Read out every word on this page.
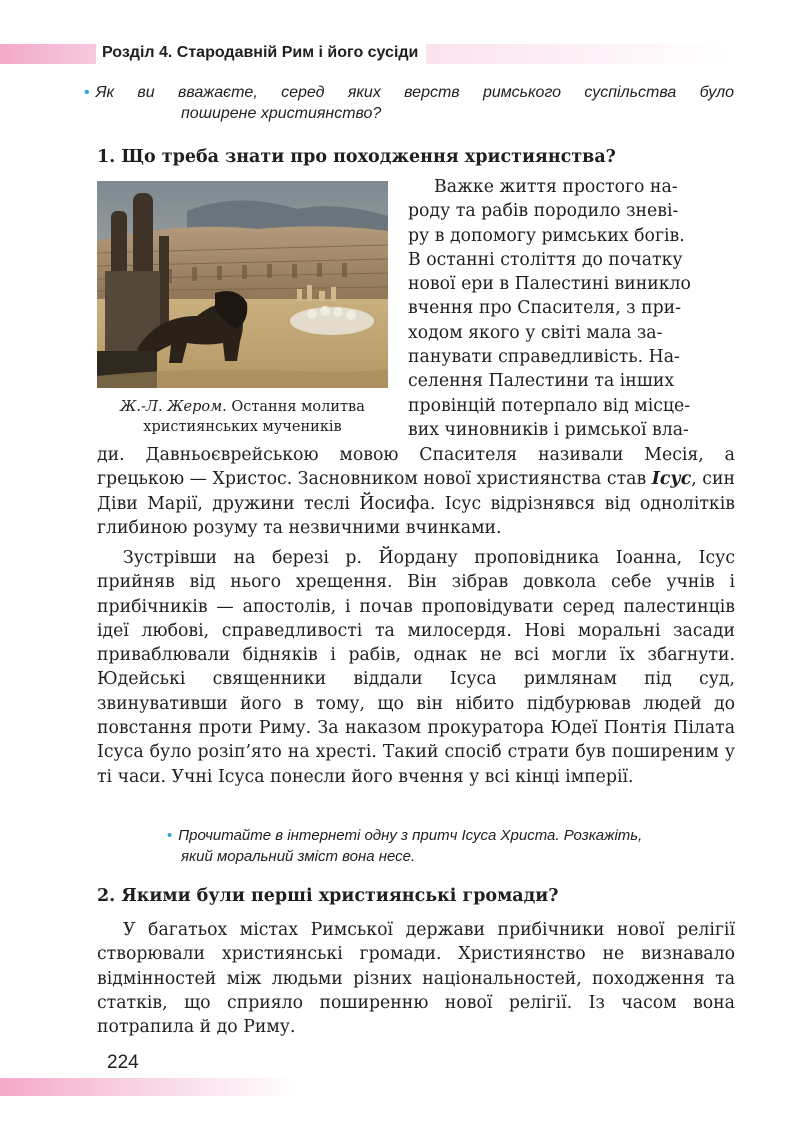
Розділ 4. Стародавній Рим і його сусіди
• Як ви вважаєте, серед яких верств римського суспільства було
поширене християнство?
1. Що треба знати про походження християнства?
Ж.-Л. Жером. Остання молитва християнських мучеників
Важке життя простого на-
роду та рабів породило зневі-
ру в допомогу римських богів.
В останні століття до початку
нової ери в Палестині виникло
вчення про Спасителя, з при-
ходом якого у світі мала за-
панувати справедливість. На-
селення Палестини та інших
провінцій потерпало від місце-
вих чиновників і римської вла-
ди. Давньоєврейською мовою Спасителя називали Месія, а грецькою — Христос. Засновником нової християнства став Ісус, син Діви Марії, дружини теслі Йосифа. Ісус відрізнявся від однолітків глибиною розуму та незвичними вчинками.
Зустрівши на березі р. Йордану проповідника Іоанна, Ісус прийняв від нього хрещення. Він зібрав довкола себе учнів і прибічників — апостолів, і почав проповідувати серед палестинців ідеї любові, справедливості та милосердя. Нові моральні засади приваблювали бідняків і рабів, однак не всі могли їх збагнути. Юдейські священники віддали Ісуса римлянам під суд, звинувативши його в тому, що він нібито підбурював людей до повстання проти Риму. За наказом прокуратора Юдеї Понтія Пілата Ісуса було розіп’ято на хресті. Такий спосіб страти був поширеним у ті часи. Учні Ісуса понесли його вчення у всі кінці імперії.
• Прочитайте в інтернеті одну з притч Ісуса Христа. Розкажіть,
який моральний зміст вона несе.
2. Якими були перші християнські громади?
У багатьох містах Римської держави прибічники нової релігії створювали християнські громади. Християнство не визнавало відмінностей між людьми різних національностей, походження та статків, що сприяло поширенню нової релігії. Із часом вона потрапила й до Риму.
224
